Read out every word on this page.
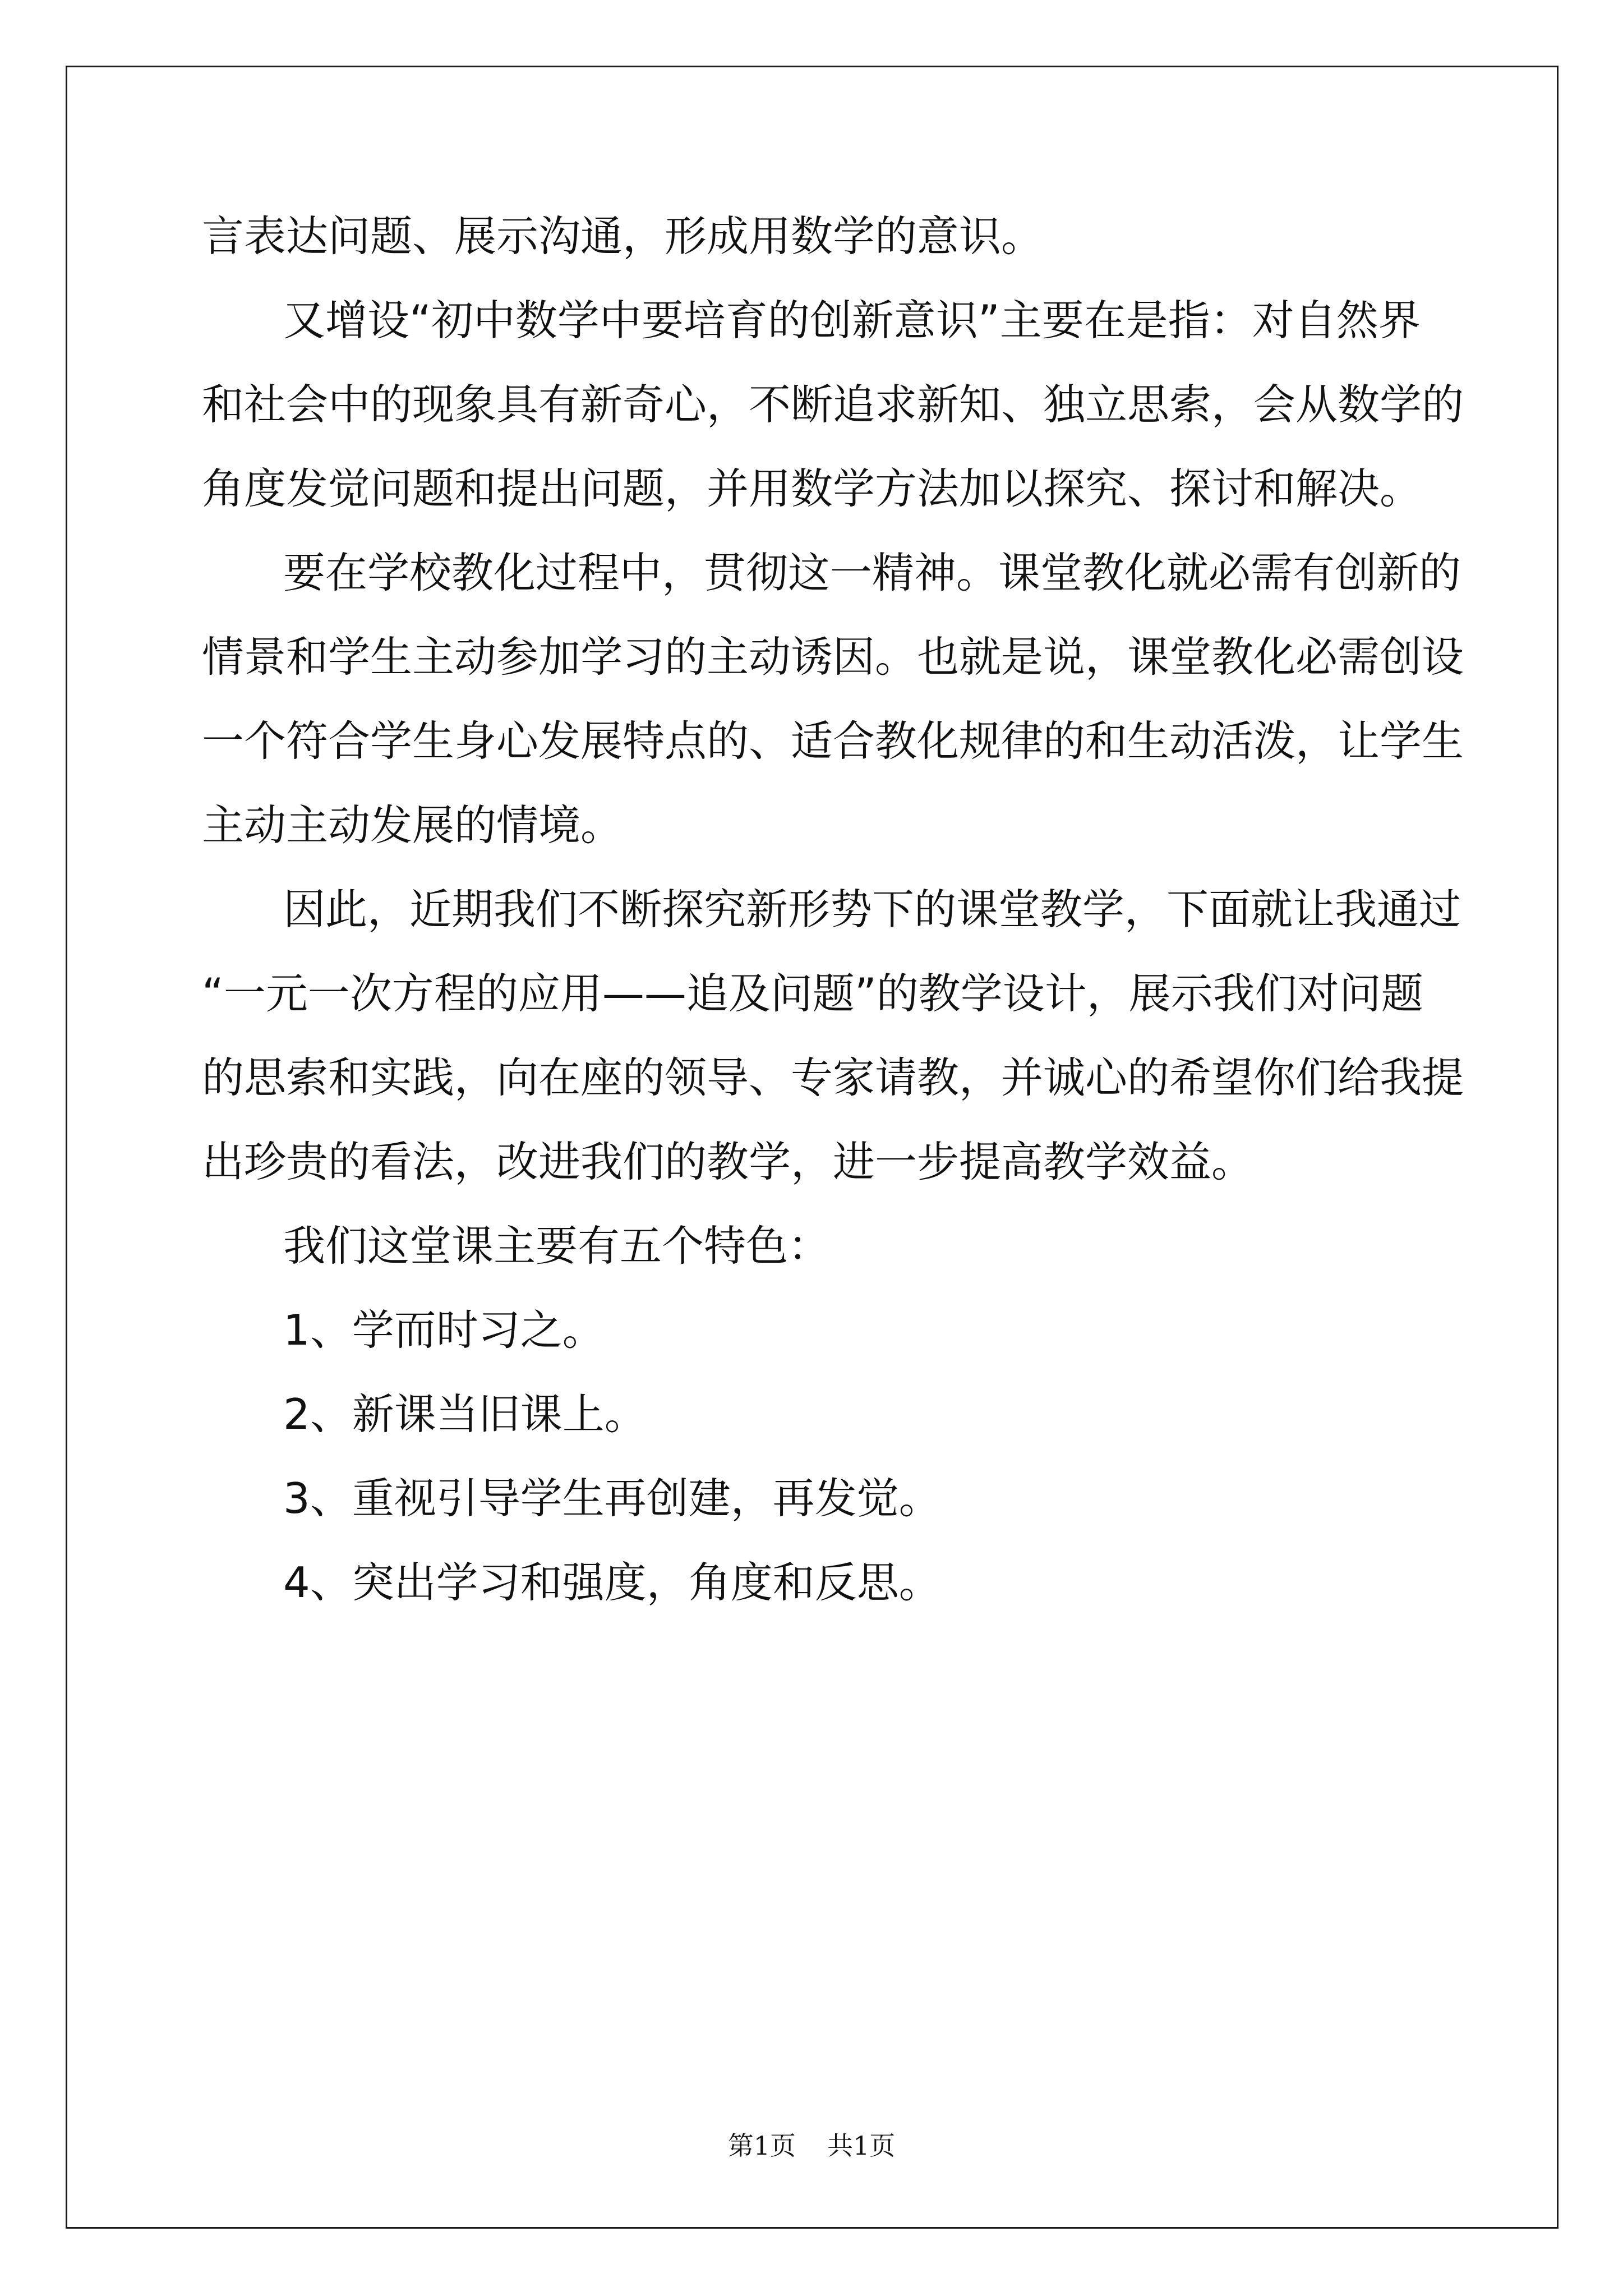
言表达问题、展示沟通，形成用数学的意识。

又增设“初中数学中要培育的创新意识”主要在是指：对自然界

和社会中的现象具有新奇心，不断追求新知、独立思索，会从数学的

角度发觉问题和提出问题，并用数学方法加以探究、探讨和解决。

要在学校教化过程中，贯彻这一精神。课堂教化就必需有创新的

情景和学生主动参加学习的主动诱因。也就是说，课堂教化必需创设

一个符合学生身心发展特点的、适合教化规律的和生动活泼，让学生

主动主动发展的情境。

因此，近期我们不断探究新形势下的课堂教学，下面就让我通过

“一元一次方程的应用——追及问题”的教学设计，展示我们对问题

的思索和实践，向在座的领导、专家请教，并诚心的希望你们给我提

出珍贵的看法，改进我们的教学，进一步提高教学效益。

我们这堂课主要有五个特色：

1、学而时习之。

2、新课当旧课上。

3、重视引导学生再创建，再发觉。

4、突出学习和强度，角度和反思。

第1页 共1页
